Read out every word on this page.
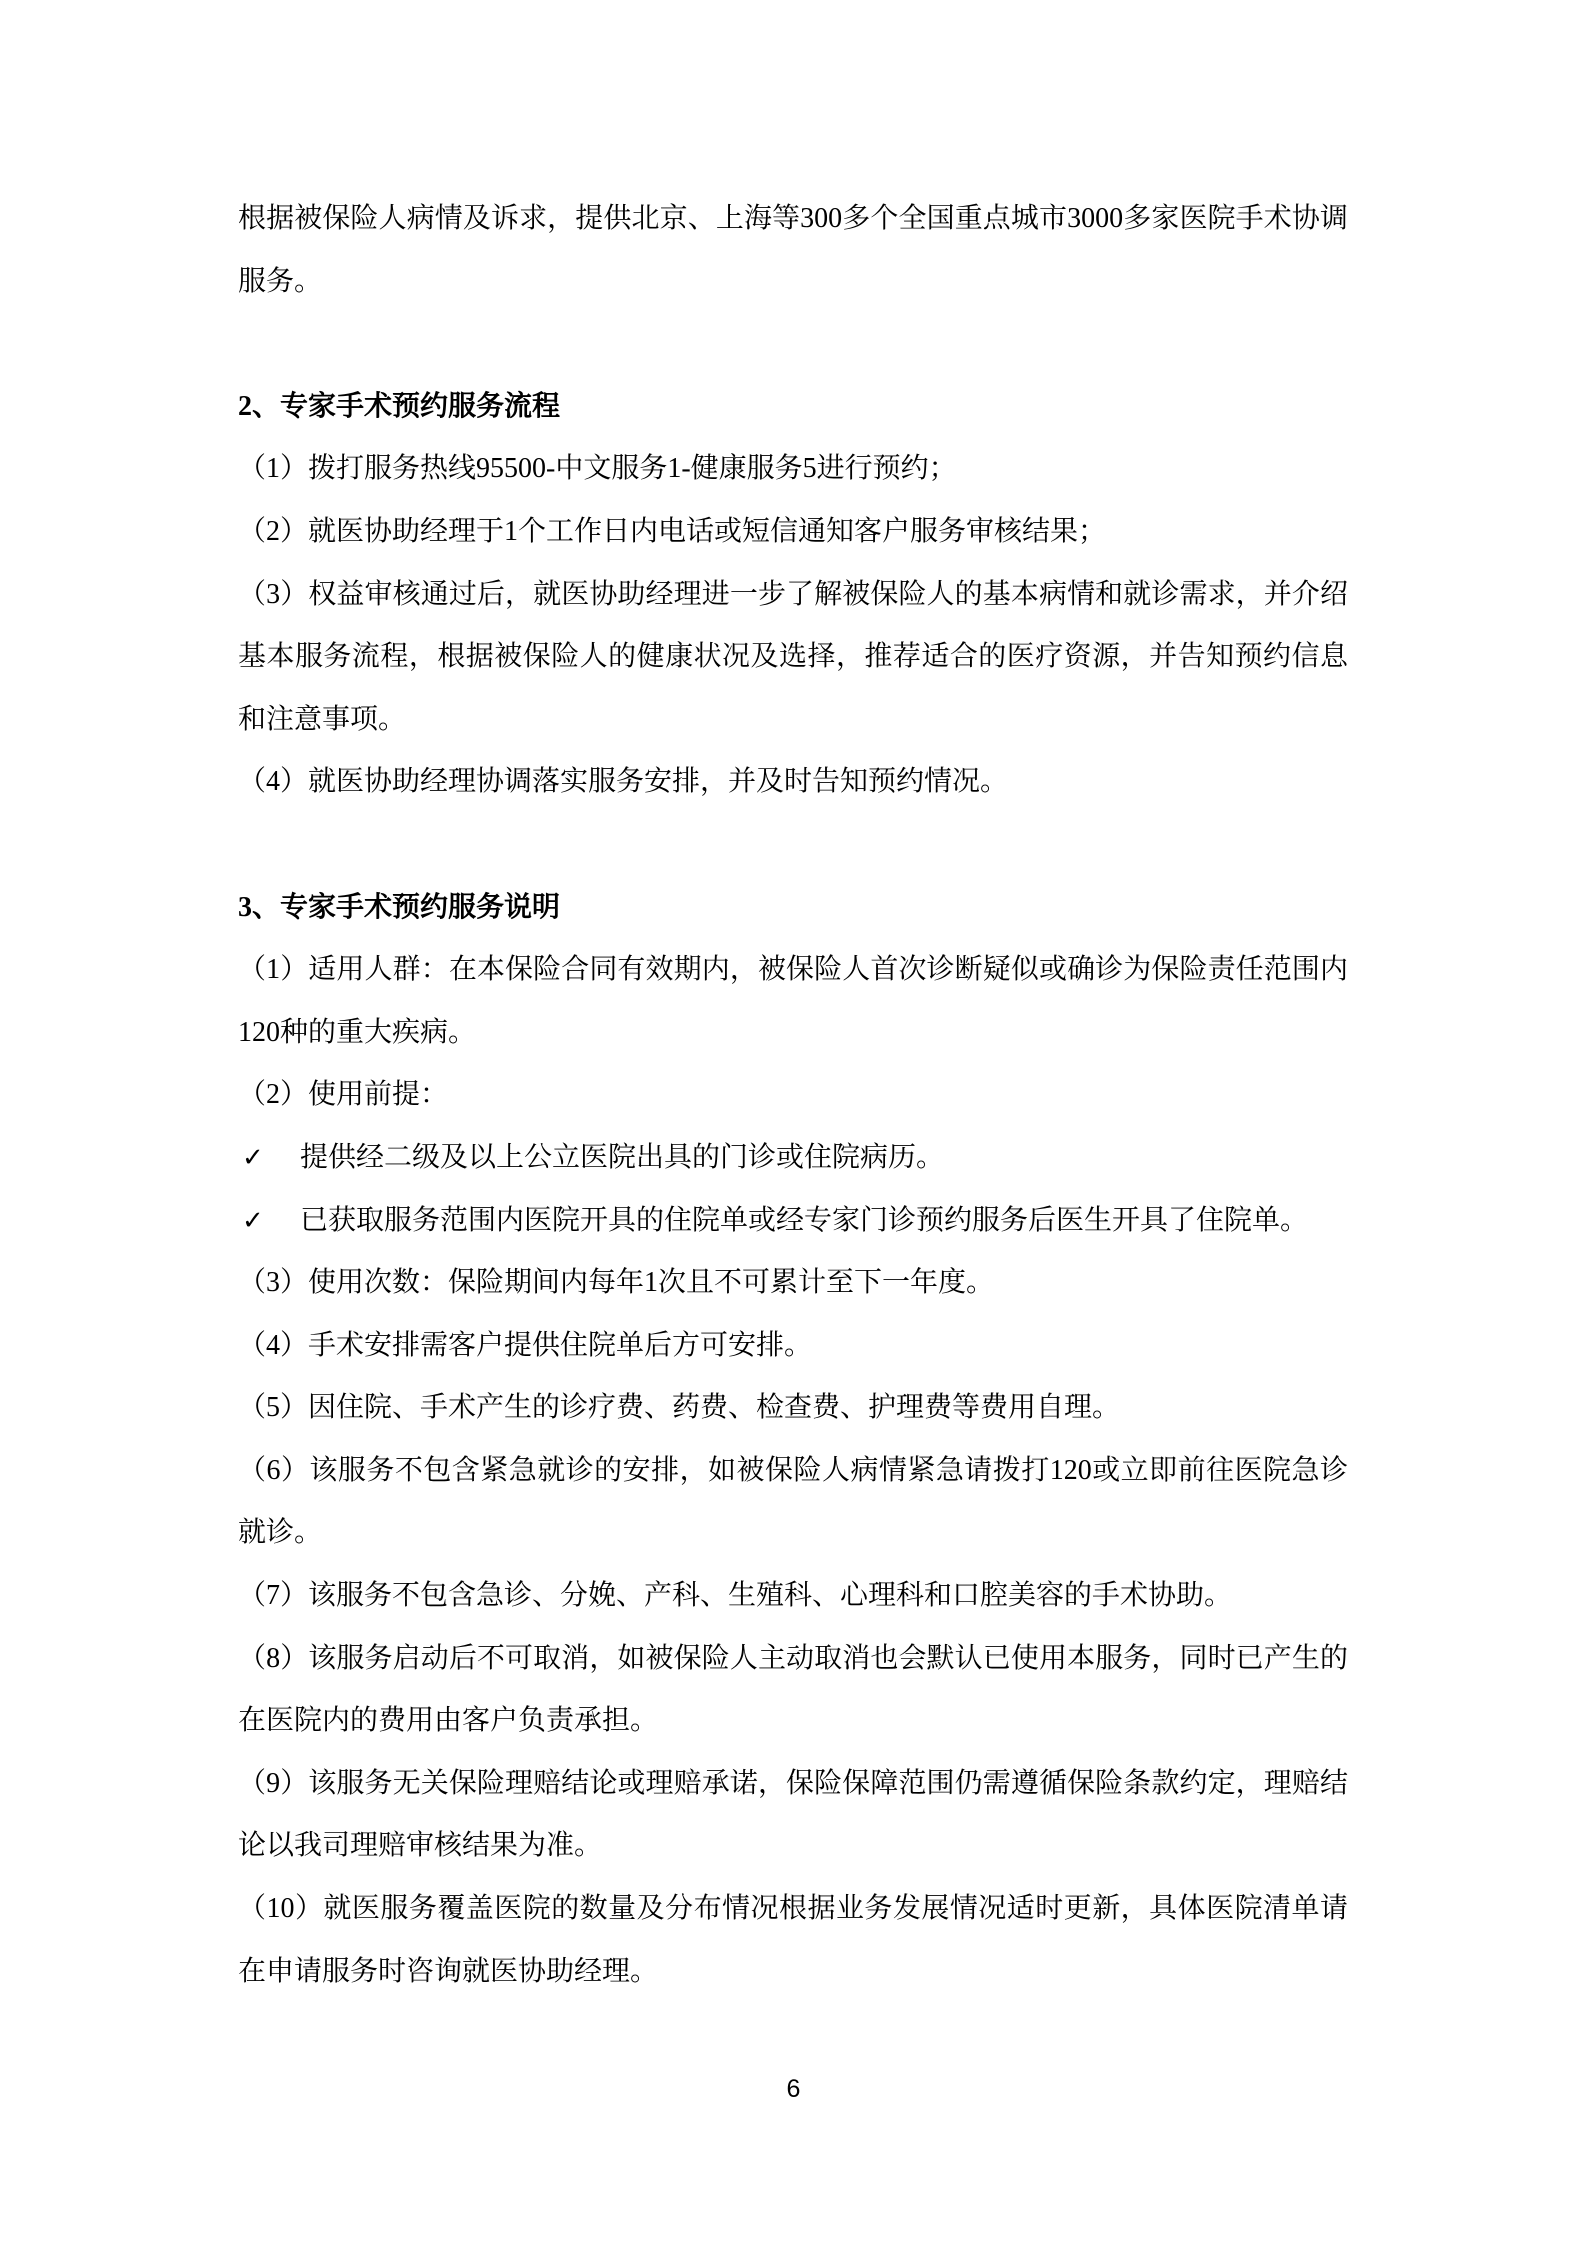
根据被保险人病情及诉求，提供北京、上海等300多个全国重点城市3000多家医院手术协调服务。

2、专家手术预约服务流程

（1）拨打服务热线95500-中文服务1-健康服务5进行预约；

（2）就医协助经理于1个工作日内电话或短信通知客户服务审核结果；

（3）权益审核通过后，就医协助经理进一步了解被保险人的基本病情和就诊需求，并介绍基本服务流程，根据被保险人的健康状况及选择，推荐适合的医疗资源，并告知预约信息和注意事项。

（4）就医协助经理协调落实服务安排，并及时告知预约情况。

3、专家手术预约服务说明

（1）适用人群：在本保险合同有效期内，被保险人首次诊断疑似或确诊为保险责任范围内120种的重大疾病。

（2）使用前提：

✓ 提供经二级及以上公立医院出具的门诊或住院病历。

✓ 已获取服务范围内医院开具的住院单或经专家门诊预约服务后医生开具了住院单。

（3）使用次数：保险期间内每年1次且不可累计至下一年度。

（4）手术安排需客户提供住院单后方可安排。

（5）因住院、手术产生的诊疗费、药费、检查费、护理费等费用自理。

（6）该服务不包含紧急就诊的安排，如被保险人病情紧急请拨打120或立即前往医院急诊就诊。

（7）该服务不包含急诊、分娩、产科、生殖科、心理科和口腔美容的手术协助。

（8）该服务启动后不可取消，如被保险人主动取消也会默认已使用本服务，同时已产生的在医院内的费用由客户负责承担。

（9）该服务无关保险理赔结论或理赔承诺，保险保障范围仍需遵循保险条款约定，理赔结论以我司理赔审核结果为准。

（10）就医服务覆盖医院的数量及分布情况根据业务发展情况适时更新，具体医院清单请在申请服务时咨询就医协助经理。

6
